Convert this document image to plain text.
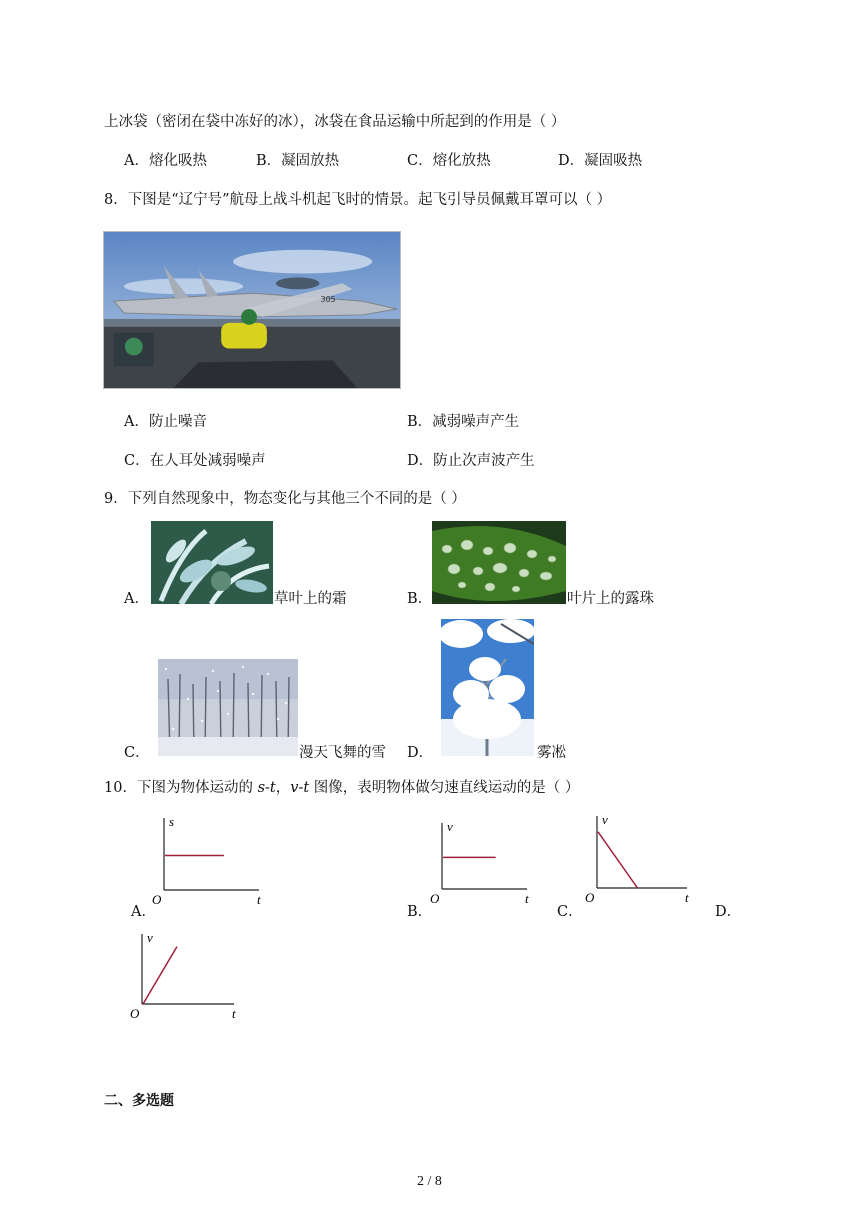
上冰袋（密闭在袋中冻好的冰），冰袋在食品运输中所起到的作用是（ ）
A．熔化吸热	B．凝固放热	C．熔化放热	D．凝固吸热
8．下图是“辽宁号”航母上战斗机起飞时的情景。起飞引导员佩戴耳罩可以（ ）
305
A．防止噪音	B．减弱噪声产生
C．在人耳处减弱噪声	D．防止次声波产生
9．下列自然现象中，物态变化与其他三个不同的是（ ）
A．	草叶上的霜	B．	叶片上的露珠
C．	漫天飞舞的雪 D．	雾凇
10．下图为物体运动的 s-t，v-t 图像，表明物体做匀速直线运动的是（ ）
A．	B．	C．	D．
O	t
s
O	t
v
O	t
v
O	t
v
二、多选题
2 / 8
